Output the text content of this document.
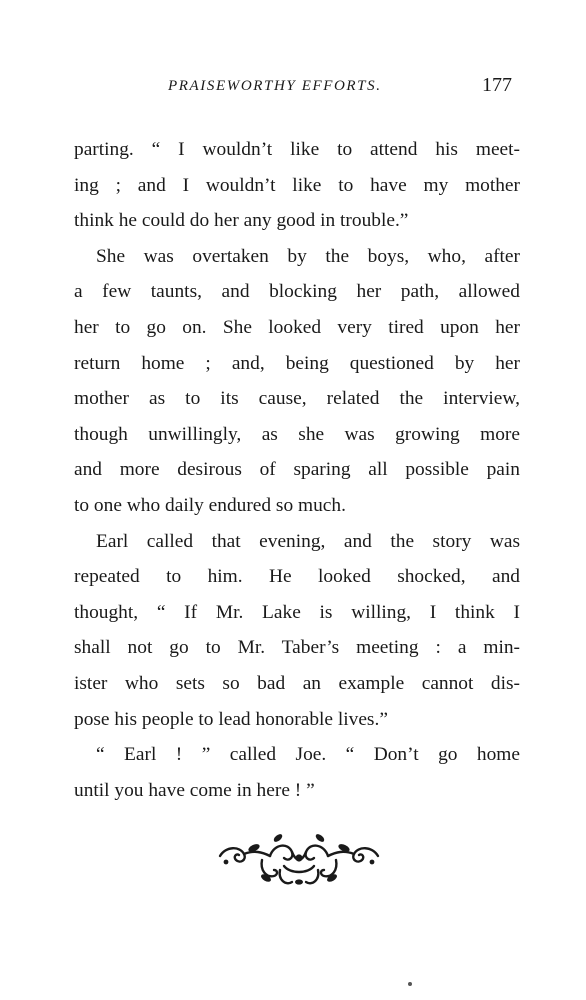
PRAISEWORTHY EFFORTS.	177
parting. “ I wouldn’t like to attend his meet-
ing ; and I wouldn’t like to have my mother
think he could do her any good in trouble.”
She was overtaken by the boys, who, after
a few taunts, and blocking her path, allowed
her to go on. She looked very tired upon her
return home ; and, being questioned by her
mother as to its cause, related the interview,
though unwillingly, as she was growing more
and more desirous of sparing all possible pain
to one who daily endured so much.
Earl called that evening, and the story was
repeated to him. He looked shocked, and
thought, “ If Mr. Lake is willing, I think I
shall not go to Mr. Taber’s meeting : a min-
ister who sets so bad an example cannot dis-
pose his people to lead honorable lives.”
“ Earl ! ” called Joe. “ Don’t go home
until you have come in here ! ”
